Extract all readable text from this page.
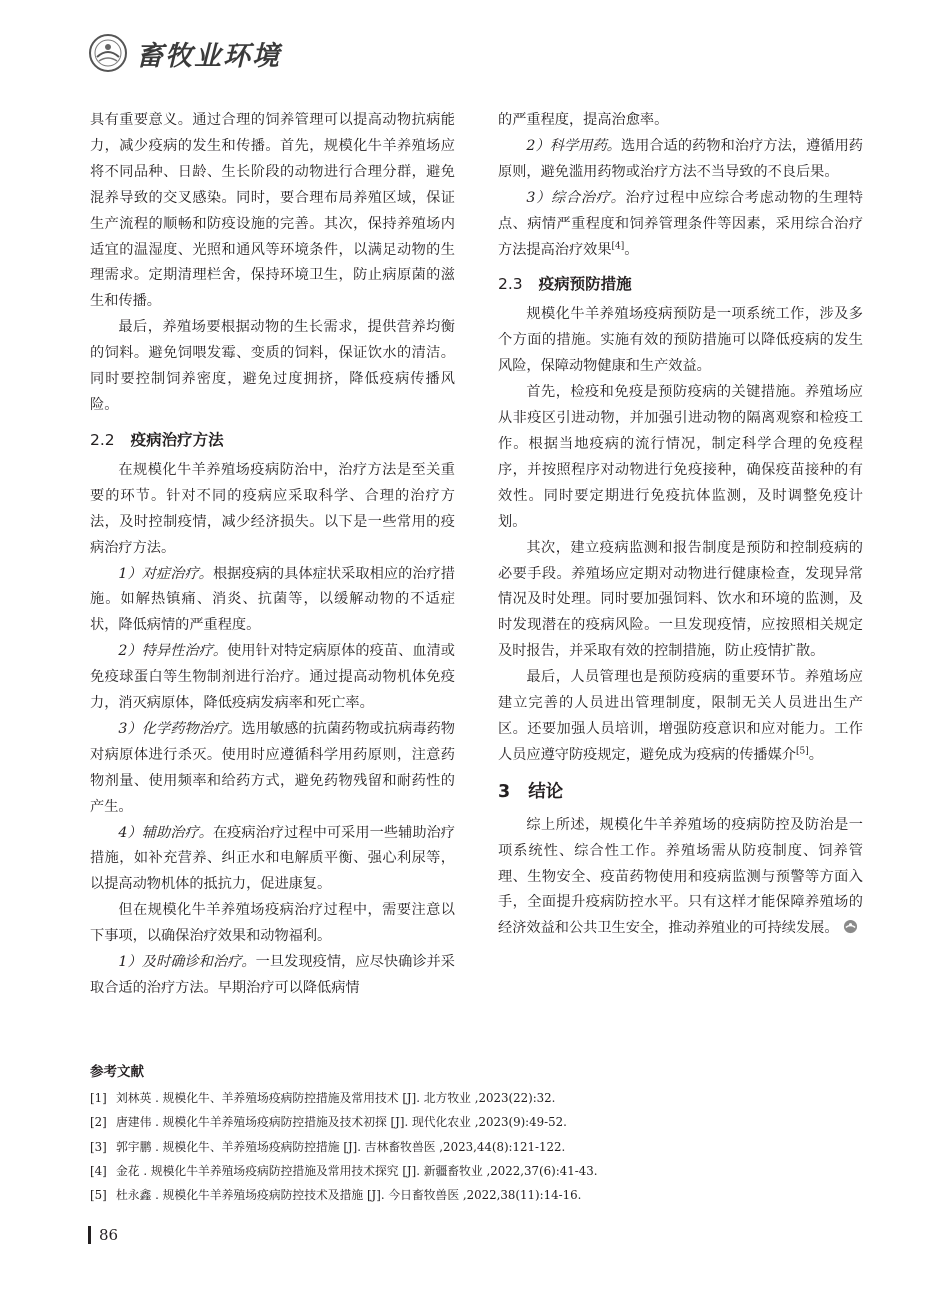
畜牧业环境

具有重要意义。通过合理的饲养管理可以提高动物抗病能力，减少疫病的发生和传播。首先，规模化牛羊养殖场应将不同品种、日龄、生长阶段的动物进行合理分群，避免混养导致的交叉感染。同时，要合理布局养殖区域，保证生产流程的顺畅和防疫设施的完善。其次，保持养殖场内适宜的温湿度、光照和通风等环境条件，以满足动物的生理需求。定期清理栏舍，保持环境卫生，防止病原菌的滋生和传播。

最后，养殖场要根据动物的生长需求，提供营养均衡的饲料。避免饲喂发霉、变质的饲料，保证饮水的清洁。同时要控制饲养密度，避免过度拥挤，降低疫病传播风险。

2.2 疫病治疗方法

在规模化牛羊养殖场疫病防治中，治疗方法是至关重要的环节。针对不同的疫病应采取科学、合理的治疗方法，及时控制疫情，减少经济损失。以下是一些常用的疫病治疗方法。

1）对症治疗。根据疫病的具体症状采取相应的治疗措施。如解热镇痛、消炎、抗菌等，以缓解动物的不适症状，降低病情的严重程度。

2）特异性治疗。使用针对特定病原体的疫苗、血清或免疫球蛋白等生物制剂进行治疗。通过提高动物机体免疫力，消灭病原体，降低疫病发病率和死亡率。

3）化学药物治疗。选用敏感的抗菌药物或抗病毒药物对病原体进行杀灭。使用时应遵循科学用药原则，注意药物剂量、使用频率和给药方式，避免药物残留和耐药性的产生。

4）辅助治疗。在疫病治疗过程中可采用一些辅助治疗措施，如补充营养、纠正水和电解质平衡、强心利尿等，以提高动物机体的抵抗力，促进康复。

但在规模化牛羊养殖场疫病治疗过程中，需要注意以下事项，以确保治疗效果和动物福利。

1）及时确诊和治疗。一旦发现疫情，应尽快确诊并采取合适的治疗方法。早期治疗可以降低病情

的严重程度，提高治愈率。

2）科学用药。选用合适的药物和治疗方法，遵循用药原则，避免滥用药物或治疗方法不当导致的不良后果。

3）综合治疗。治疗过程中应综合考虑动物的生理特点、病情严重程度和饲养管理条件等因素，采用综合治疗方法提高治疗效果[4]。

2.3 疫病预防措施

规模化牛羊养殖场疫病预防是一项系统工作，涉及多个方面的措施。实施有效的预防措施可以降低疫病的发生风险，保障动物健康和生产效益。

首先，检疫和免疫是预防疫病的关键措施。养殖场应从非疫区引进动物，并加强引进动物的隔离观察和检疫工作。根据当地疫病的流行情况，制定科学合理的免疫程序，并按照程序对动物进行免疫接种，确保疫苗接种的有效性。同时要定期进行免疫抗体监测，及时调整免疫计划。

其次，建立疫病监测和报告制度是预防和控制疫病的必要手段。养殖场应定期对动物进行健康检查，发现异常情况及时处理。同时要加强饲料、饮水和环境的监测，及时发现潜在的疫病风险。一旦发现疫情，应按照相关规定及时报告，并采取有效的控制措施，防止疫情扩散。

最后，人员管理也是预防疫病的重要环节。养殖场应建立完善的人员进出管理制度，限制无关人员进出生产区。还要加强人员培训，增强防疫意识和应对能力。工作人员应遵守防疫规定，避免成为疫病的传播媒介[5]。

3 结论

综上所述，规模化牛羊养殖场的疫病防控及防治是一项系统性、综合性工作。养殖场需从防疫制度、饲养管理、生物安全、疫苗药物使用和疫病监测与预警等方面入手，全面提升疫病防控水平。只有这样才能保障养殖场的经济效益和公共卫生安全，推动养殖业的可持续发展。

参考文献
[1] 刘林英 . 规模化牛、羊养殖场疫病防控措施及常用技术 [J]. 北方牧业 ,2023(22):32.
[2] 唐建伟 . 规模化牛羊养殖场疫病防控措施及技术初探 [J]. 现代化农业 ,2023(9):49-52.
[3] 郭宇鹏 . 规模化牛、羊养殖场疫病防控措施 [J]. 吉林畜牧兽医 ,2023,44(8):121-122.
[4] 金花 . 规模化牛羊养殖场疫病防控措施及常用技术探究 [J]. 新疆畜牧业 ,2022,37(6):41-43.
[5] 杜永鑫 . 规模化牛羊养殖场疫病防控技术及措施 [J]. 今日畜牧兽医 ,2022,38(11):14-16.
86
